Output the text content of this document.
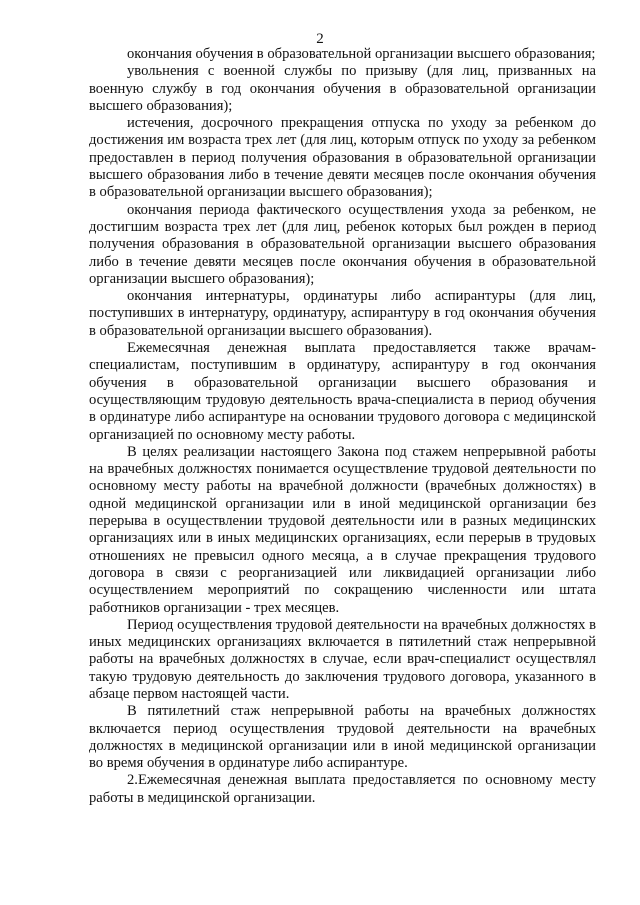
2

окончания обучения в образовательной организации высшего образования;

увольнения с военной службы по призыву (для лиц, призванных на военную службу в год окончания обучения в образовательной организации высшего образования);

истечения, досрочного прекращения отпуска по уходу за ребенком до достижения им возраста трех лет (для лиц, которым отпуск по уходу за ребенком предоставлен в период получения образования в образовательной организации высшего образования либо в течение девяти месяцев после окончания обучения в образовательной организации высшего образования);

окончания периода фактического осуществления ухода за ребенком, не достигшим возраста трех лет (для лиц, ребенок которых был рожден в период получения образования в образовательной организации высшего образования либо в течение девяти месяцев после окончания обучения в образовательной организации высшего образования);

окончания интернатуры, ординатуры либо аспирантуры (для лиц, поступивших в интернатуру, ординатуру, аспирантуру в год окончания обучения в образовательной организации высшего образования).

Ежемесячная денежная выплата предоставляется также врачам-специалистам, поступившим в ординатуру, аспирантуру в год окончания обучения в образовательной организации высшего образования и осуществляющим трудовую деятельность врача-специалиста в период обучения в ординатуре либо аспирантуре на основании трудового договора с медицинской организацией по основному месту работы.

В целях реализации настоящего Закона под стажем непрерывной работы на врачебных должностях понимается осуществление трудовой деятельности по основному месту работы на врачебной должности (врачебных должностях) в одной медицинской организации или в иной медицинской организации без перерыва в осуществлении трудовой деятельности или в разных медицинских организациях или в иных медицинских организациях, если перерыв в трудовых отношениях не превысил одного месяца, а в случае прекращения трудового договора в связи с реорганизацией или ликвидацией организации либо осуществлением мероприятий по сокращению численности или штата работников организации - трех месяцев.

Период осуществления трудовой деятельности на врачебных должностях в иных медицинских организациях включается в пятилетний стаж непрерывной работы на врачебных должностях в случае, если врач-специалист осуществлял такую трудовую деятельность до заключения трудового договора, указанного в абзаце первом настоящей части.

В пятилетний стаж непрерывной работы на врачебных должностях включается период осуществления трудовой деятельности на врачебных должностях в медицинской организации или в иной медицинской организации во время обучения в ординатуре либо аспирантуре.

2.Ежемесячная денежная выплата предоставляется по основному месту работы в медицинской организации.
